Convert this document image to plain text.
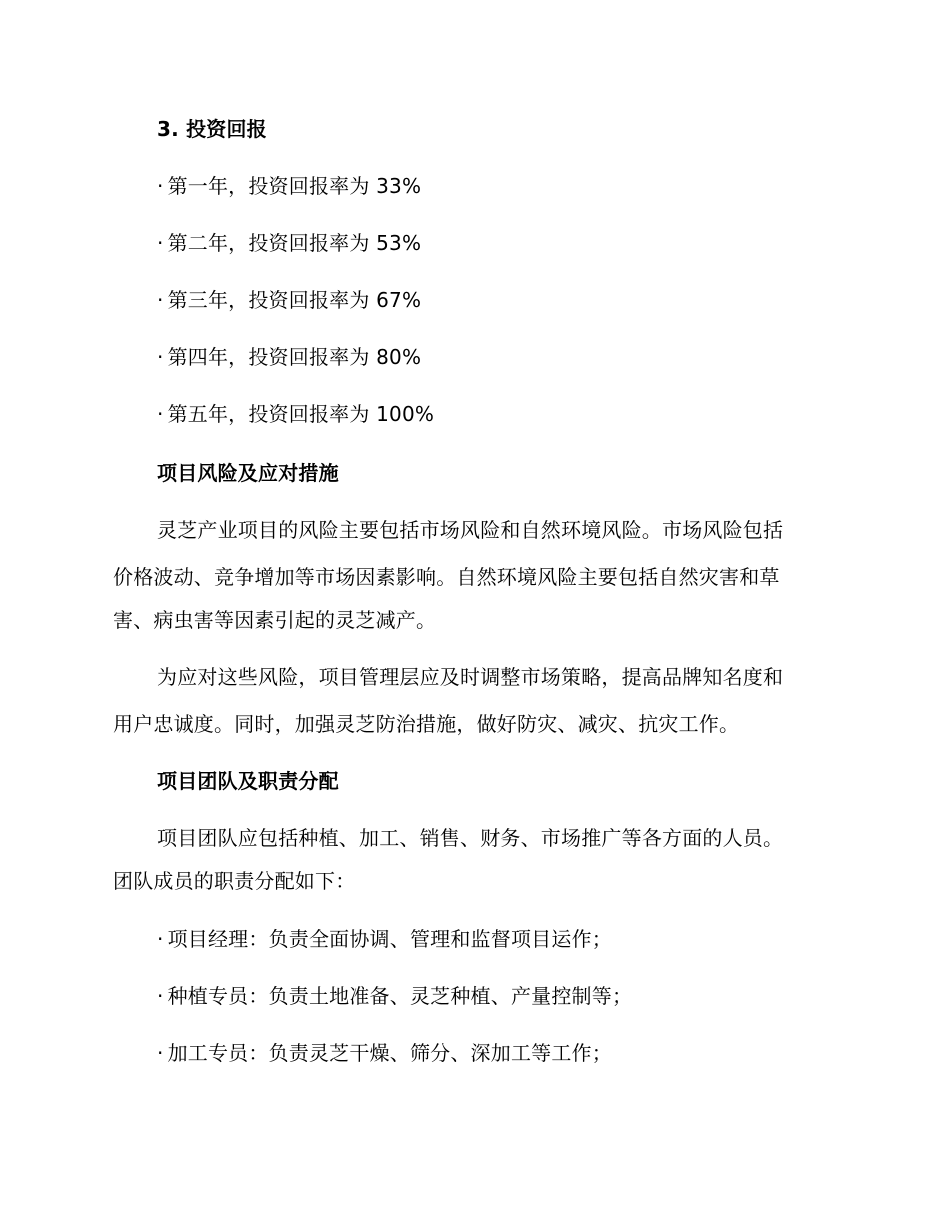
3. 投资回报
· 第一年，投资回报率为 33%
· 第二年，投资回报率为 53%
· 第三年，投资回报率为 67%
· 第四年，投资回报率为 80%
· 第五年，投资回报率为 100%
项目风险及应对措施
灵芝产业项目的风险主要包括市场风险和自然环境风险。市场风险包括
价格波动、竞争增加等市场因素影响。自然环境风险主要包括自然灾害和草
害、病虫害等因素引起的灵芝减产。
为应对这些风险，项目管理层应及时调整市场策略，提高品牌知名度和
用户忠诚度。同时，加强灵芝防治措施，做好防灾、减灾、抗灾工作。
项目团队及职责分配
项目团队应包括种植、加工、销售、财务、市场推广等各方面的人员。
团队成员的职责分配如下：
· 项目经理：负责全面协调、管理和监督项目运作；
· 种植专员：负责土地准备、灵芝种植、产量控制等；
· 加工专员：负责灵芝干燥、筛分、深加工等工作；
